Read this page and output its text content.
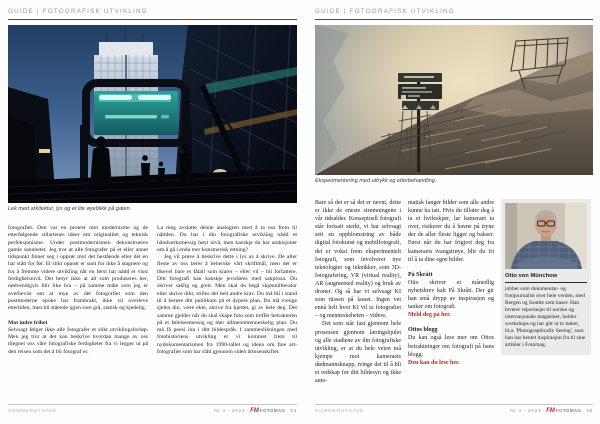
GUIDE | FOTOGRAFISK UTVIKLING
Lek med arkitektur, lys og et lite øyeblikk på gaten.

fotografiet. Den var en protest mot modernisme og de etterfølgende stilartenes ideer om originalitet og teknisk perfeksjonisme. Under postmodernismen dekonstrueres gamle sannheter. Jeg tror at alle fotografer på et eller annet tidspunkt finner seg i opprør mot det bestående eller det en har stått for før. Et slikt opprør er sunt for ikke å stagnere og for å fremme videre utvikling når en først har nådd et visst ferdighetsnivå. Det betyr ikke at alt som produseres her, nødvendigvis blir like bra – på samme måte som jeg er overbevist om at mye av det fotografiet som den postmoderne epoke har frambrakt, ikke vil overleve ettertiden, men bli stående igjen som grå, statisk og kjedelig.

Mot indre frihet

Selvsagt følger ikke alle fotografer et slikt utviklingsforløp. Men jeg tror at det kan beskrive hvordan mange av oss tilegner oss våre fotografiske ferdigheter fra vi legger ut på den reisen som det å bli fotograf er.

La meg avslutte denne analogien med å ta oss frem til nåtiden. Du har i din fotografiske utvikling nådd et håndverksmessig høyt nivå, men kanskje du har ambisjoner om å gå i enda mer kunstnerisk retning?

Jeg vil prøve å beskrive dette i lys av å skrive. De aller fleste av oss lærer å beherske vårt skriftmål, men det er likevel bare et fåtall som klarer – eller vil – bli forfattere. Ditt fotografi kan kanskje jevnføres med sakprosa. Du skriver saklig og greit. Men skal du begå skjønnlitteratur eller skrive dikt, stilles det helt andre krav. Du må bli i stand til å berøre ditt publikum på et dypere plan. Du må vrenge sjelen din, være ekte, skrive fra hjertet, gi av hele deg. Det samme gjelder når du skal skape foto som treffer betrakteren på et følelsesmessig og mer allmennmenneskelig plan. Du må få poesi inn i ditt bildespråk. I sammenlikningen med fotohistoriens utvikling er vi kommet frem til nydokumentarismen fra 1990-tallet og ideen om fine art-fotografiet som har slått gjennom siden årtusenskiftet.

SOMMERUTGAVE	Nr 4 - 2024 FM FOTOMAG 54
GUIDE | FOTOGRAFISK UTVIKLING
Eksperimentering med uttrykk og etterbehandling.

Bare så det er så det er nevnt, dette er ikke de eneste strømningene i vår tidsalder. Konseptuell fotografi står fortsatt sterkt, vi har selvsagt sett en oppblomstring av både digital fotokunst og mobilfotografi, det er vokst frem eksperimentelt fotografi, som involverer nye teknologier og teknikker, som 3D-fotografering, VR (virtual reality), AR (augmented reality) og bruk av droner. Og så har vi selvsagt KI som nissen på lasset. Ingen vet ennå helt hvor KI vil ta fotografiet – og menneskeheten – videre.

Det som står fast gjennom hele prosessen gjennom læringshjulet og alle stadiene av din fotografiske utvikling, er at du hele veien må kjempe mot kameraets dødmannsknapp, tvinge det til å bli et redskap for ditt bildesyn og ikke auto-

matisk fanger bilder som alle andre kunne ha tatt. Hvis du tillater deg å ta et hvileskjær, lar kameraet ta over, risikerer du å havne på tryne der de aller fleste ligger og bakser. Først når du har frigjort deg fra kameraets tvangstrøye, blir du fri til å ta dine egne bilder.

På Skrått

Otto skriver et månedlig nyhetsbrev kalt På Skrått. Der gir han små drypp av inspirasjon og tanker om fotografi.

Meld deg på her.

Ottos blogg

Du kan også lese mer om Ottos betraktninger om fotografi på hans blogg.

Den kan du lese her.

Otto von Münchow
jobber som dokumentar- og fotojournalist over hele verden, med Bergen og Seattle som baser. Han leverer reportasjer til norske og internasjonale magasiner, holder workshops og har gitt ut to bøker, bl.a. 'Photographically Seeing', som han har hentet inspirasjon fra til sine artikler i Fotomag.
SOMMERUTGAVE	Nr 4 - 2024 FM FOTOMAG 55
